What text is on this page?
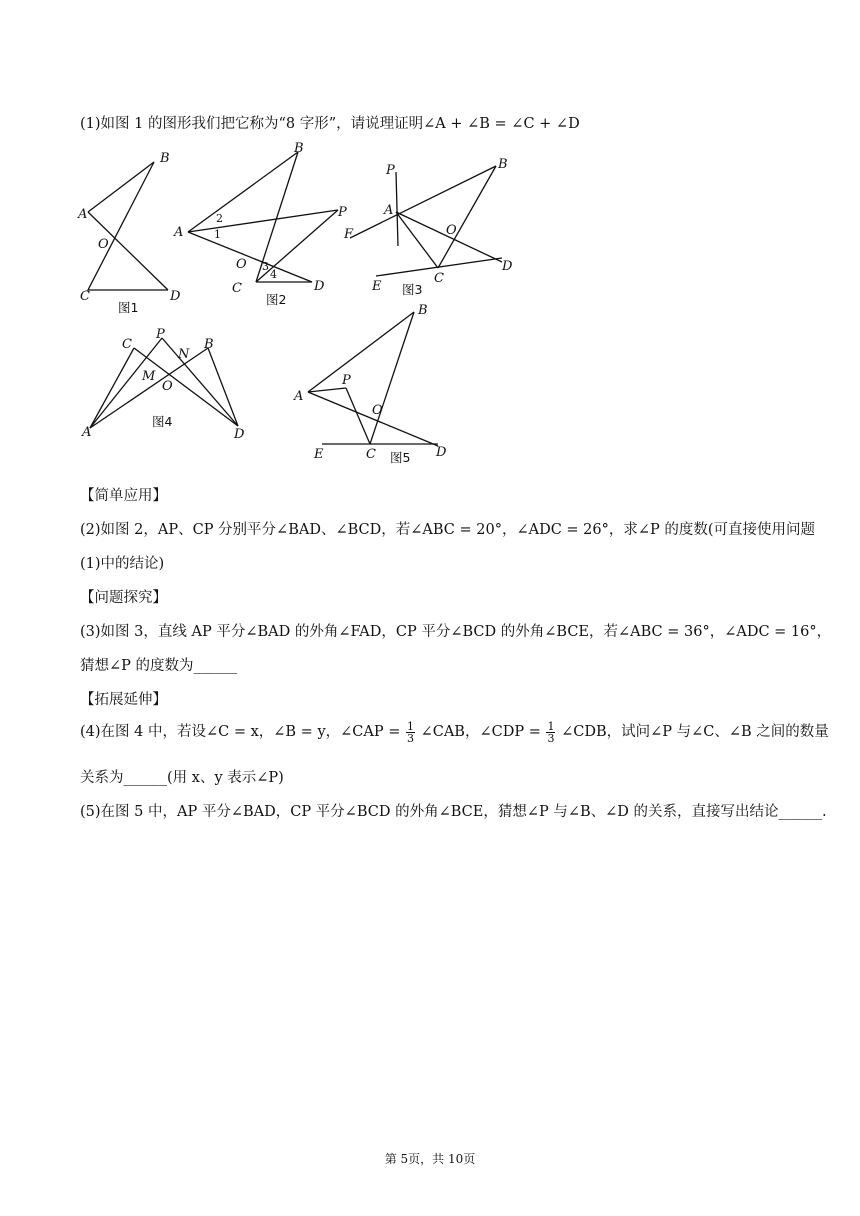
(1)如图 1 的图形我们把它称为“8 字形”，请说理证明∠A + ∠B = ∠C + ∠D
B
A
O
C	D
图1
B
A
P
O
C	D
2
1
3
4
图2
P
A
F
B
O
C
D
E 图3
C
P
N
B
M
O
A	D
图4
B
P
A
O
E	C	D
图5
【简单应用】
(2)如图 2，AP、CP 分别平分∠BAD、∠BCD，若∠ABC = 20°，∠ADC = 26°，求∠P 的度数(可直接使用问题
(1)中的结论)
【问题探究】
(3)如图 3，直线 AP 平分∠BAD 的外角∠FAD，CP 平分∠BCD 的外角∠BCE，若∠ABC = 36°，∠ADC = 16°，
猜想∠P 的度数为______
【拓展延伸】
(4)在图 4 中，若设∠C = x，∠B = y，∠CAP = $\frac{1}{3}$ ∠CAB，∠CDP = $\frac{1}{3}$ ∠CDB，试问∠P 与∠C、∠B 之间的数量
关系为______(用 x、y 表示∠P)
(5)在图 5 中，AP 平分∠BAD，CP 平分∠BCD 的外角∠BCE，猜想∠P 与∠B、∠D 的关系，直接写出结论______.
第 5页，共 10页
